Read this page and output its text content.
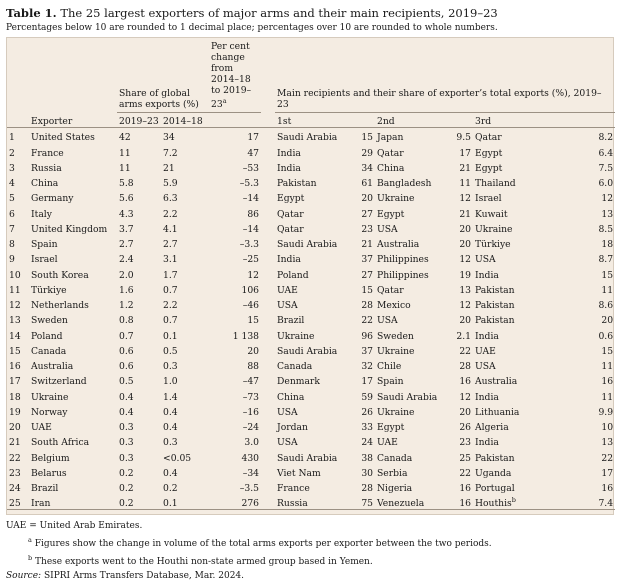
Table 1. The 25 largest exporters of major arms and their main recipients, 2019–23
Percentages below 10 are rounded to 1 decimal place; percentages over 10 are rounded to whole numbers.
		Share of global arms exports (%)		Per cent change from 2014–18 to 2019–23$^a$		Main recipients and their share of exporter’s total exports (%), 2019–23					
	Exporter	2019–23	2014–18			1st		2nd		3rd	
1	United States	42	34	17		Saudi Arabia	15	Japan	9.5	Qatar	8.2
2	France	11	7.2	47		India	29	Qatar	17	Egypt	6.4
3	Russia	11	21	–53		India	34	China	21	Egypt	7.5
4	China	5.8	5.9	–5.3		Pakistan	61	Bangladesh	11	Thailand	6.0
5	Germany	5.6	6.3	–14		Egypt	20	Ukraine	12	Israel	12
6	Italy	4.3	2.2	86		Qatar	27	Egypt	21	Kuwait	13
7	United Kingdom	3.7	4.1	–14		Qatar	23	USA	20	Ukraine	8.5
8	Spain	2.7	2.7	–3.3		Saudi Arabia	21	Australia	20	Türkiye	18
9	Israel	2.4	3.1	–25		India	37	Philippines	12	USA	8.7
10	South Korea	2.0	1.7	12		Poland	27	Philippines	19	India	15
11	Türkiye	1.6	0.7	106		UAE	15	Qatar	13	Pakistan	11
12	Netherlands	1.2	2.2	–46		USA	28	Mexico	12	Pakistan	8.6
13	Sweden	0.8	0.7	15		Brazil	22	USA	20	Pakistan	20
14	Poland	0.7	0.1	1 138		Ukraine	96	Sweden	2.1	India	0.6
15	Canada	0.6	0.5	20		Saudi Arabia	37	Ukraine	22	UAE	15
16	Australia	0.6	0.3	88		Canada	32	Chile	28	USA	11
17	Switzerland	0.5	1.0	–47		Denmark	17	Spain	16	Australia	16
18	Ukraine	0.4	1.4	–73		China	59	Saudi Arabia	12	India	11
19	Norway	0.4	0.4	–16		USA	26	Ukraine	20	Lithuania	9.9
20	UAE	0.3	0.4	–24		Jordan	33	Egypt	26	Algeria	10
21	South Africa	0.3	0.3	3.0		USA	24	UAE	23	India	13
22	Belgium	0.3	<0.05	430		Saudi Arabia	38	Canada	25	Pakistan	22
23	Belarus	0.2	0.4	–34		Viet Nam	30	Serbia	22	Uganda	17
24	Brazil	0.2	0.2	–3.5		France	28	Nigeria	16	Portugal	16
25	Iran	0.2	0.1	276		Russia	75	Venezuela	16	Houthis$^b$	7.4
UAE = United Arab Emirates.
$^a$ Figures show the change in volume of the total arms exports per exporter between the two periods.
$^b$ These exports went to the Houthi non-state armed group based in Yemen.
Source: SIPRI Arms Transfers Database, Mar. 2024.
